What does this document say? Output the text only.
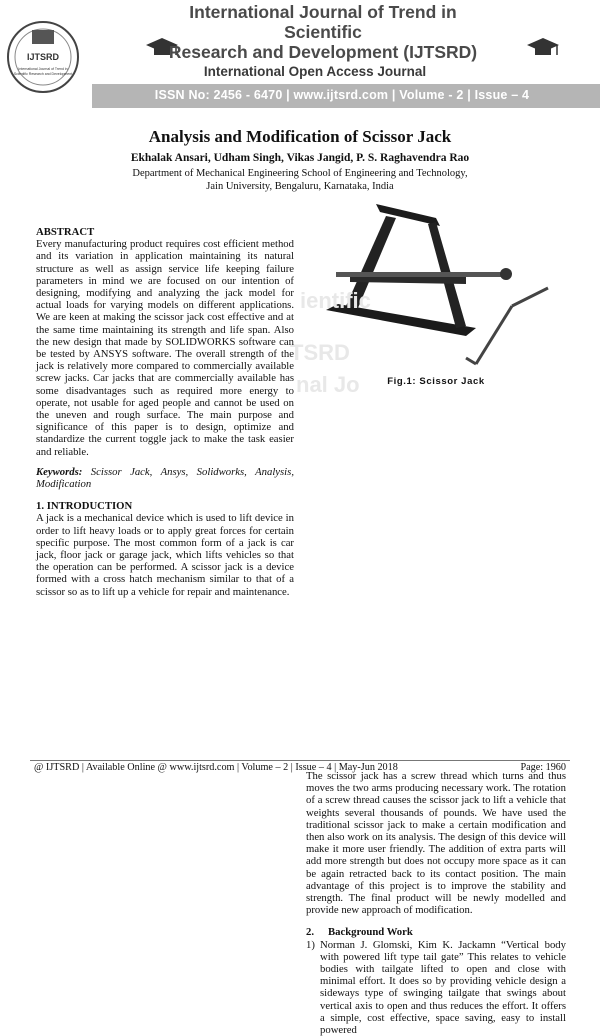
IJTSRD
International Journal of Trend in
Scientific Research and Development
International Journal of Trend in Scientific
Research and Development (IJTSRD)
International Open Access Journal
ISSN No: 2456 - 6470 | www.ijtsrd.com | Volume - 2 | Issue – 4
Analysis and Modification of Scissor Jack
Ekhalak Ansari, Udham Singh, Vikas Jangid, P. S. Raghavendra Rao
Department of Mechanical Engineering School of Engineering and Technology,
Jain University, Bengaluru, Karnataka, India
Fig.1: Scissor Jack
ientific
TSRD
nal Jo
ABSTRACT
Every manufacturing product requires cost efficient method and its variation in application maintaining its natural structure as well as assign service life keeping failure parameters in mind we are focused on our intention of designing, modifying and analyzing the jack model for actual loads for varying models on different applications. We are keen at making the scissor jack cost effective and at the same time maintaining its strength and life span. Also the new design that made by SOLIDWORKS software can be tested by ANSYS software. The overall strength of the jack is relatively more compared to commercially available screw jacks. Car jacks that are commercially available has some disadvantages such as required more energy to operate, not usable for aged people and cannot be used on the uneven and rough surface. The main purpose and significance of this paper is to design, optimize and standardize the current toggle jack to make the task easier and reliable.
Keywords: Scissor Jack, Ansys, Solidworks, Analysis, Modification
1. INTRODUCTION
A jack is a mechanical device which is used to lift device in order to lift heavy loads or to apply great forces for certain specific purpose. The most common form of a jack is car jack, floor jack or garage jack, which lifts vehicles so that the operation can be performed. A scissor jack is a device formed with a cross hatch mechanism similar to that of a scissor so as to lift up a vehicle for repair and maintenance.
The scissor jack has a screw thread which turns and thus moves the two arms producing necessary work. The rotation of a screw thread causes the scissor jack to lift a vehicle that weights several thousands of pounds. We have used the traditional scissor jack to make a certain modification and then also work on its analysis. The design of this device will make it more user friendly. The addition of extra parts will add more strength but does not occupy more space as it can be again retracted back to its contact position. The main advantage of this project is to improve the stability and strength. The final product will be newly modelled and provide new approach of modification.
2.	Background Work
1) Norman J. Glomski, Kim K. Jackamn “Vertical body with powered lift type tail gate” This relates to vehicle bodies with tailgate lifted to open and close with minimal effort. It does so by providing vehicle design a sideways type of swinging tailgate that swings about vertical axis to open and thus reduces the effort. It offers a simple, cost effective, space saving, easy to install powered
@ IJTSRD | Available Online @ www.ijtsrd.com | Volume – 2 | Issue – 4 | May-Jun 2018	Page: 1960
